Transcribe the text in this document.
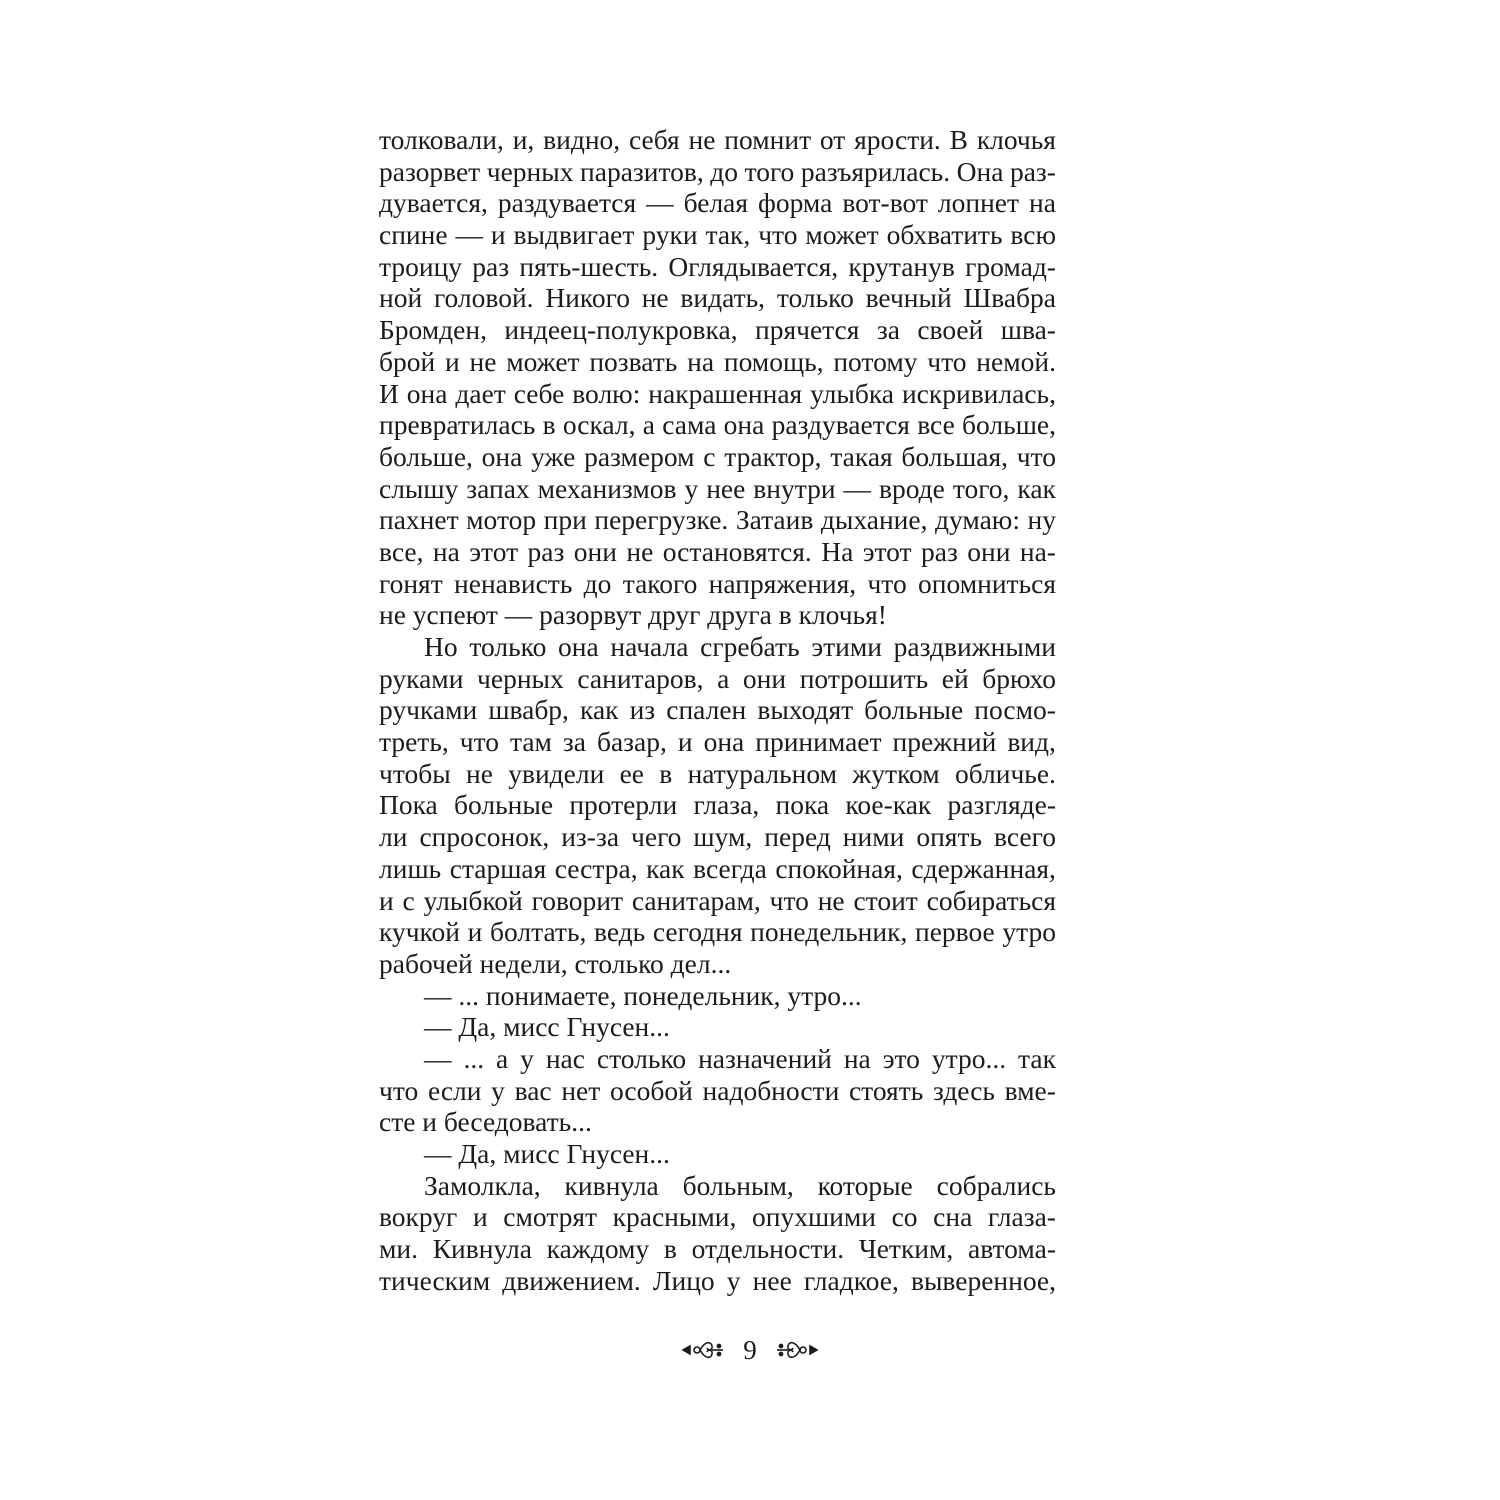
толковали, и, видно, себя не помнит от ярости. В клочья
разорвет черных паразитов, до того разъярилась. Она раз-
дувается, раздувается — белая форма вот-вот лопнет на
спине — и выдвигает руки так, что может обхватить всю
троицу раз пять-шесть. Оглядывается, крутанув громад-
ной головой. Никого не видать, только вечный Швабра
Бромден, индеец-полукровка, прячется за своей шва-
брой и не может позвать на помощь, потому что немой.
И она дает себе волю: накрашенная улыбка искривилась,
превратилась в оскал, а сама она раздувается все больше,
больше, она уже размером с трактор, такая большая, что
слышу запах механизмов у нее внутри — вроде того, как
пахнет мотор при перегрузке. Затаив дыхание, думаю: ну
все, на этот раз они не остановятся. На этот раз они на-
гонят ненависть до такого напряжения, что опомниться
не успеют — разорвут друг друга в клочья!
Но только она начала сгребать этими раздвижными
руками черных санитаров, а они потрошить ей брюхо
ручками швабр, как из спален выходят больные посмо-
треть, что там за базар, и она принимает прежний вид,
чтобы не увидели ее в натуральном жутком обличье.
Пока больные протерли глаза, пока кое-как разгляде-
ли спросонок, из-за чего шум, перед ними опять всего
лишь старшая сестра, как всегда спокойная, сдержанная,
и с улыбкой говорит санитарам, что не стоит собираться
кучкой и болтать, ведь сегодня понедельник, первое утро
рабочей недели, столько дел...
— ... понимаете, понедельник, утро...
— Да, мисс Гнусен...
— ... а у нас столько назначений на это утро... так
что если у вас нет особой надобности стоять здесь вме-
сте и беседовать...
— Да, мисс Гнусен...
Замолкла, кивнула больным, которые собрались
вокруг и смотрят красными, опухшими со сна глаза-
ми. Кивнула каждому в отдельности. Четким, автома-
тическим движением. Лицо у нее гладкое, выверенное,
9
